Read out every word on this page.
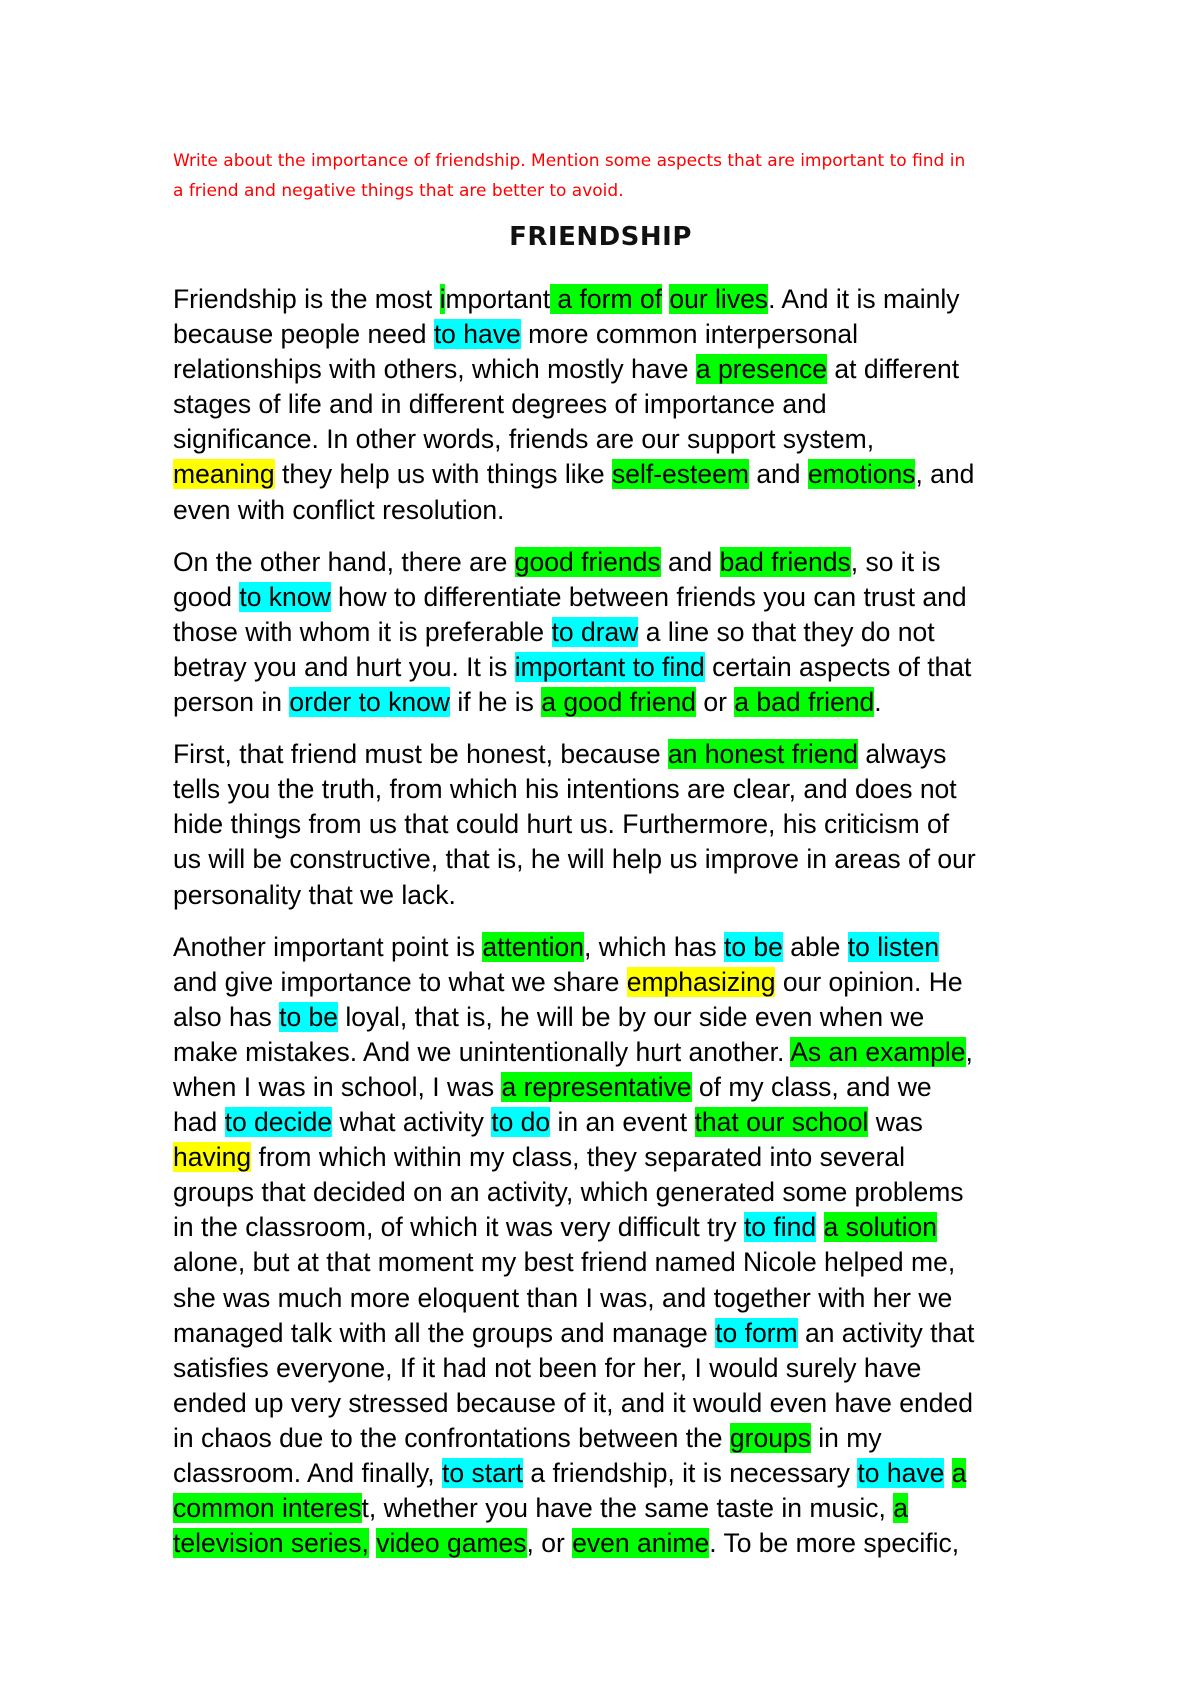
Write about the importance of friendship. Mention some aspects that are important to find in
a friend and negative things that are better to avoid.

FRIENDSHIP

Friendship is the most important a form of our lives. And it is mainly
because people need to have more common interpersonal
relationships with others, which mostly have a presence at different
stages of life and in different degrees of importance and
significance. In other words, friends are our support system,
meaning they help us with things like self-esteem and emotions, and
even with conflict resolution.

On the other hand, there are good friends and bad friends, so it is
good to know how to differentiate between friends you can trust and
those with whom it is preferable to draw a line so that they do not
betray you and hurt you. It is important to find certain aspects of that
person in order to know if he is a good friend or a bad friend.

First, that friend must be honest, because an honest friend always
tells you the truth, from which his intentions are clear, and does not
hide things from us that could hurt us. Furthermore, his criticism of
us will be constructive, that is, he will help us improve in areas of our
personality that we lack.

Another important point is attention, which has to be able to listen
and give importance to what we share emphasizing our opinion. He
also has to be loyal, that is, he will be by our side even when we
make mistakes. And we unintentionally hurt another. As an example,
when I was in school, I was a representative of my class, and we
had to decide what activity to do in an event that our school was
having from which within my class, they separated into several
groups that decided on an activity, which generated some problems
in the classroom, of which it was very difficult try to find a solution
alone, but at that moment my best friend named Nicole helped me,
she was much more eloquent than I was, and together with her we
managed talk with all the groups and manage to form an activity that
satisfies everyone, If it had not been for her, I would surely have
ended up very stressed because of it, and it would even have ended
in chaos due to the confrontations between the groups in my
classroom. And finally, to start a friendship, it is necessary to have a
common interest, whether you have the same taste in music, a
television series, video games, or even anime. To be more specific,
